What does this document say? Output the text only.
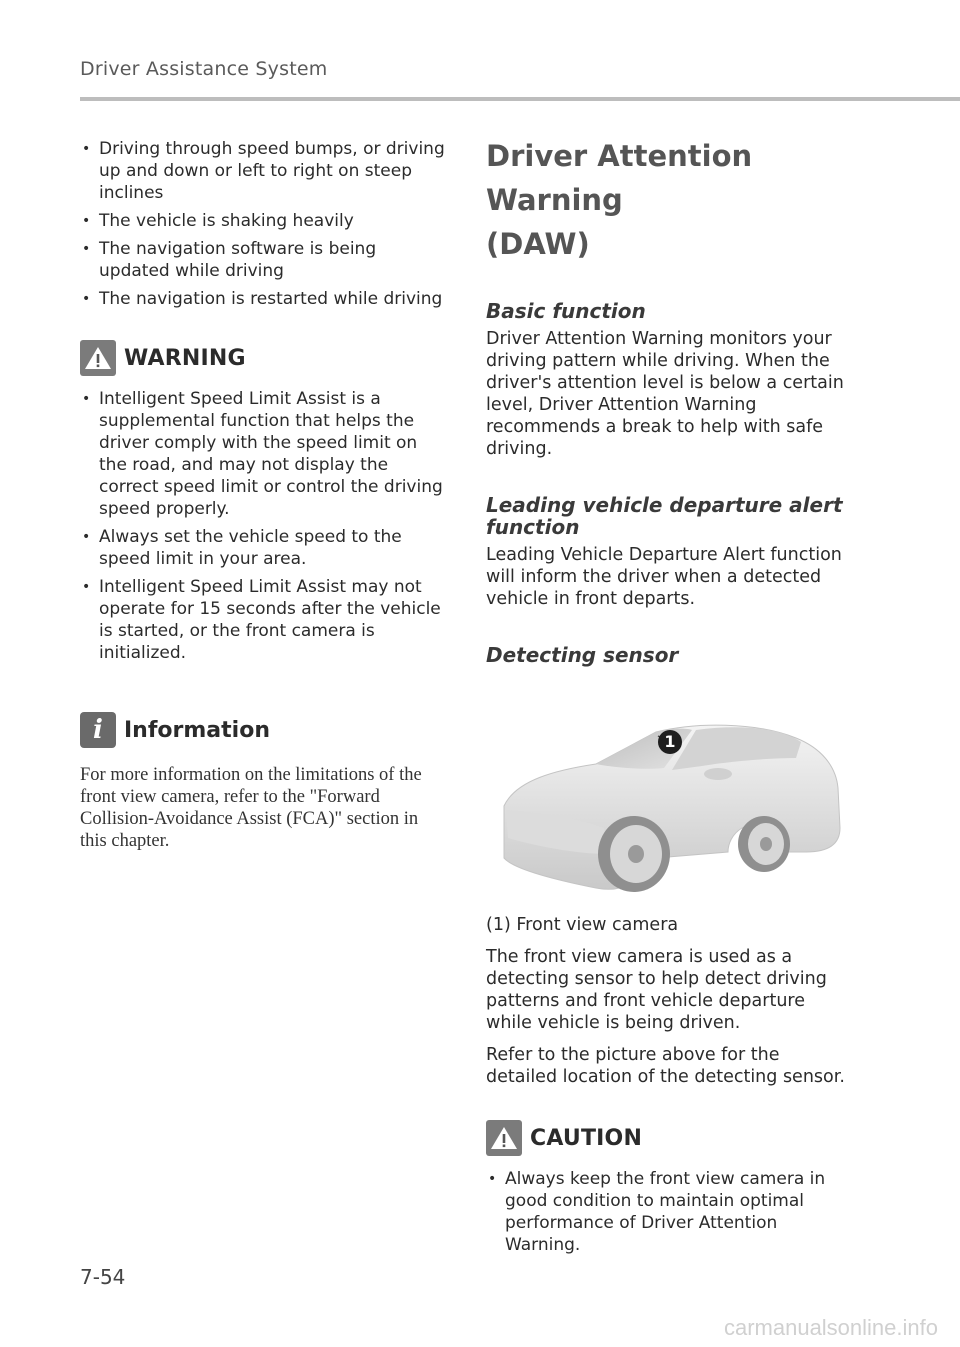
Driver Assistance System
• Driving through speed bumps, or driving up and down or left to right on steep inclines
• The vehicle is shaking heavily
• The navigation software is being updated while driving
• The navigation is restarted while driving
WARNING
• Intelligent Speed Limit Assist is a supplemental function that helps the driver comply with the speed limit on the road, and may not display the correct speed limit or control the driving speed properly.
• Always set the vehicle speed to the speed limit in your area.
• Intelligent Speed Limit Assist may not operate for 15 seconds after the vehicle is started, or the front camera is initialized.
i Information
For more information on the limitations of the front view camera, refer to the "Forward Collision-Avoidance Assist (FCA)" section in this chapter.
Driver Attention Warning
(DAW)
Basic function

Driver Attention Warning monitors your driving pattern while driving. When the driver's attention level is below a certain level, Driver Attention Warning recommends a break to help with safe driving.

Leading vehicle departure alert function

Leading Vehicle Departure Alert function will inform the driver when a detected vehicle in front departs.

Detecting sensor
1

(1) Front view camera

The front view camera is used as a detecting sensor to help detect driving patterns and front vehicle departure while vehicle is being driven.

Refer to the picture above for the detailed location of the detecting sensor.

CAUTION
• Always keep the front view camera in good condition to maintain optimal performance of Driver Attention Warning.
7-54
carmanualsonline.info
